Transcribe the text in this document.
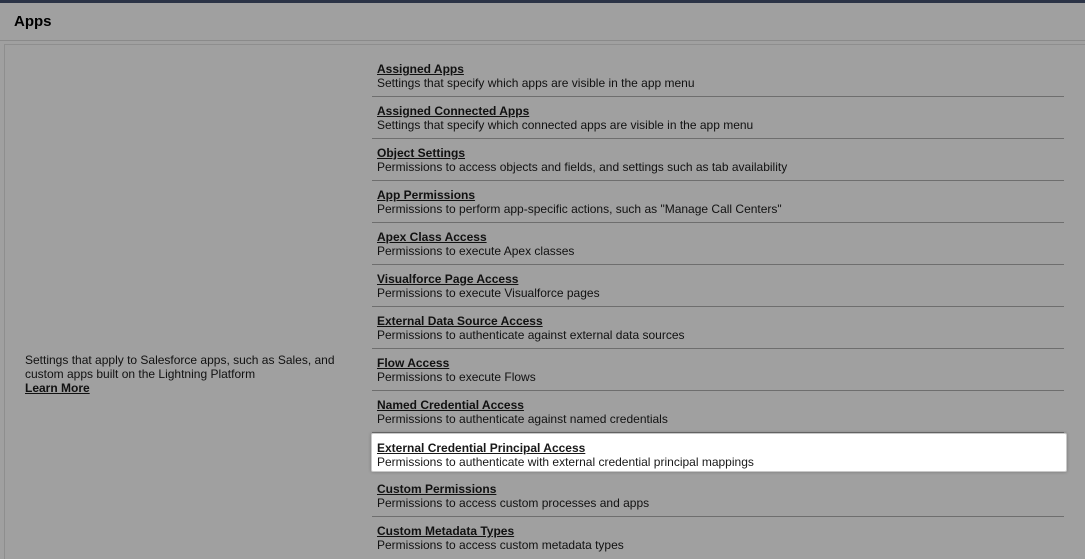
Apps
Settings that apply to Salesforce apps, such as Sales, and custom apps built on the Lightning Platform
Learn More
Assigned Apps
Settings that specify which apps are visible in the app menu
Assigned Connected Apps
Settings that specify which connected apps are visible in the app menu
Object Settings
Permissions to access objects and fields, and settings such as tab availability
App Permissions
Permissions to perform app-specific actions, such as "Manage Call Centers"
Apex Class Access
Permissions to execute Apex classes
Visualforce Page Access
Permissions to execute Visualforce pages
External Data Source Access
Permissions to authenticate against external data sources
Flow Access
Permissions to execute Flows
Named Credential Access
Permissions to authenticate against named credentials
External Credential Principal Access
Permissions to authenticate with external credential principal mappings
Custom Permissions
Permissions to access custom processes and apps
Custom Metadata Types
Permissions to access custom metadata types
